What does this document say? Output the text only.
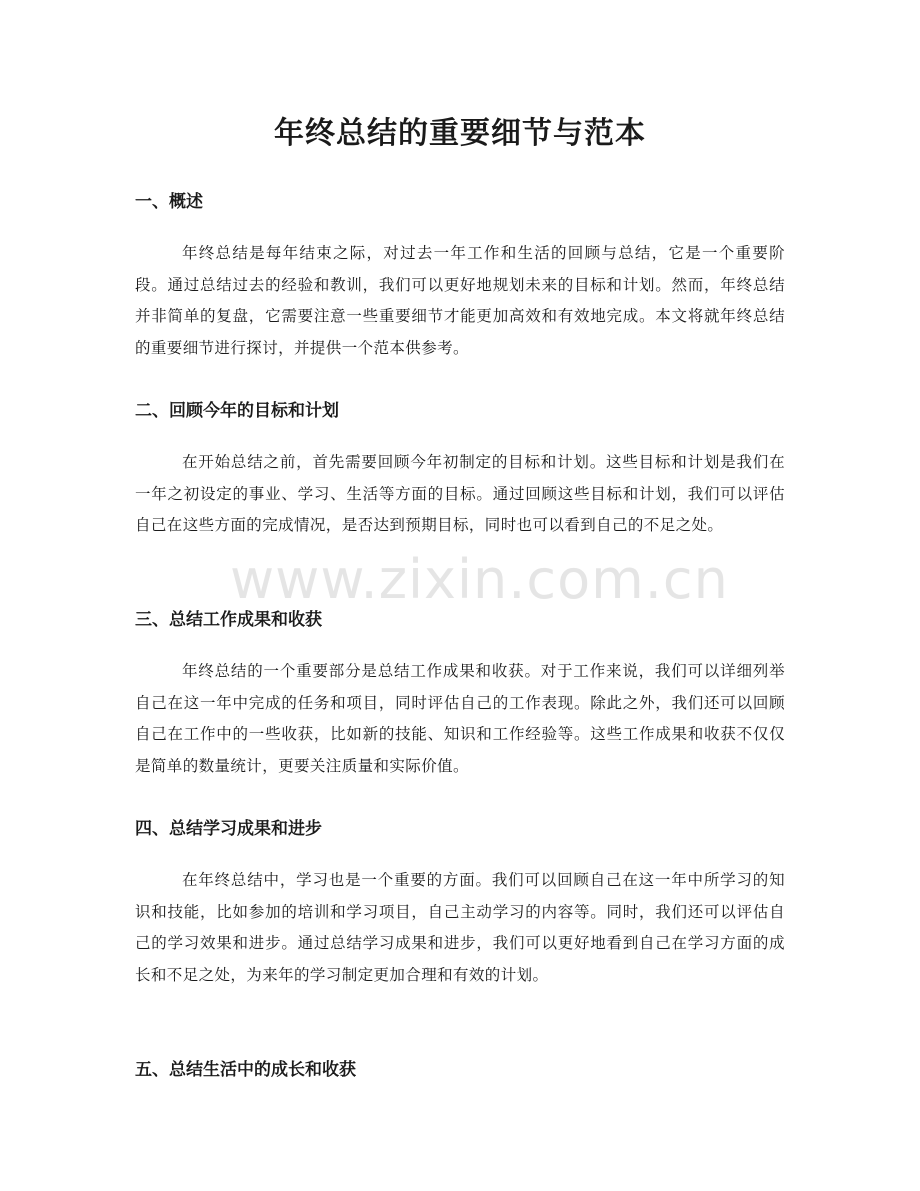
年终总结的重要细节与范本
一、概述

年终总结是每年结束之际，对过去一年工作和生活的回顾与总结，它是一个重要阶段。通过总结过去的经验和教训，我们可以更好地规划未来的目标和计划。然而，年终总结并非简单的复盘，它需要注意一些重要细节才能更加高效和有效地完成。本文将就年终总结的重要细节进行探讨，并提供一个范本供参考。

二、回顾今年的目标和计划

在开始总结之前，首先需要回顾今年初制定的目标和计划。这些目标和计划是我们在一年之初设定的事业、学习、生活等方面的目标。通过回顾这些目标和计划，我们可以评估自己在这些方面的完成情况，是否达到预期目标，同时也可以看到自己的不足之处。

三、总结工作成果和收获

年终总结的一个重要部分是总结工作成果和收获。对于工作来说，我们可以详细列举自己在这一年中完成的任务和项目，同时评估自己的工作表现。除此之外，我们还可以回顾自己在工作中的一些收获，比如新的技能、知识和工作经验等。这些工作成果和收获不仅仅是简单的数量统计，更要关注质量和实际价值。

四、总结学习成果和进步

在年终总结中，学习也是一个重要的方面。我们可以回顾自己在这一年中所学习的知识和技能，比如参加的培训和学习项目，自己主动学习的内容等。同时，我们还可以评估自己的学习效果和进步。通过总结学习成果和进步，我们可以更好地看到自己在学习方面的成长和不足之处，为来年的学习制定更加合理和有效的计划。

五、总结生活中的成长和收获
www.zixin.com.cn
